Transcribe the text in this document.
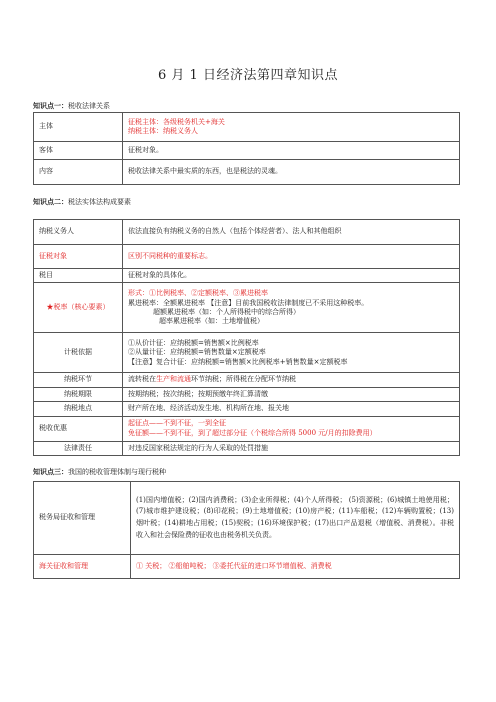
6 月 1 日经济法第四章知识点
知识点一：税收法律关系
主体	征税主体：各级税务机关+海关
纳税主体：纳税义务人

客体	征税对象。
内容	税收法律关系中最实质的东西，也是税法的灵魂。
知识点二：税法实体法构成要素
纳税义务人	依法直接负有纳税义务的自然人（包括个体经营者）、法人和其他组织
征税对象	区别不同税种的重要标志。
税目	征税对象的具体化。
★税率（核心要素）	形式：①比例税率、②定额税率、③累进税率
累进税率：全额累进税率 【注意】目前我国税收法律制度已不采用这种税率。
超额累进税率（如：个人所得税中的综合所得）
超率累进税率（如：土地增值税）

计税依据	①从价计征：应纳税额=销售额×比例税率
②从量计征：应纳税额=销售数量×定额税率
【注意】复合计征：应纳税额=销售额×比例税率+销售数量×定额税率

纳税环节	流转税在生产和流通环节纳税；所得税在分配环节纳税
纳税期限	按期纳税；按次纳税；按期预缴年终汇算清缴
纳税地点	财产所在地、经济活动发生地、机构所在地、报关地
税收优惠	起征点——不到不征，一到全征
免征额——不到不征，到了超过部分征（个税综合所得 5000 元/月的扣除费用）

法律责任	对违反国家税法规定的行为人采取的处罚措施
知识点三：我国的税收管理体制与现行税种
税务局征收和管理	(1)国内增值税；(2)国内消费税；(3)企业所得税；(4)个人所得税； (5)资源税；(6)城镇土地使用税；(7)城市维护建设税；(8)印花税；(9)土地增值税；(10)房产税；(11)车船税；(12)车辆购置税；(13)烟叶税；(14)耕地占用税；(15)契税；(16)环境保护税；(17)出口产品退税（增值税、消费税）。非税收入和社会保险费的征收也由税务机关负责。
海关征收和管理	① 关税； ②船舶吨税； ③委托代征的进口环节增值税、消费税
